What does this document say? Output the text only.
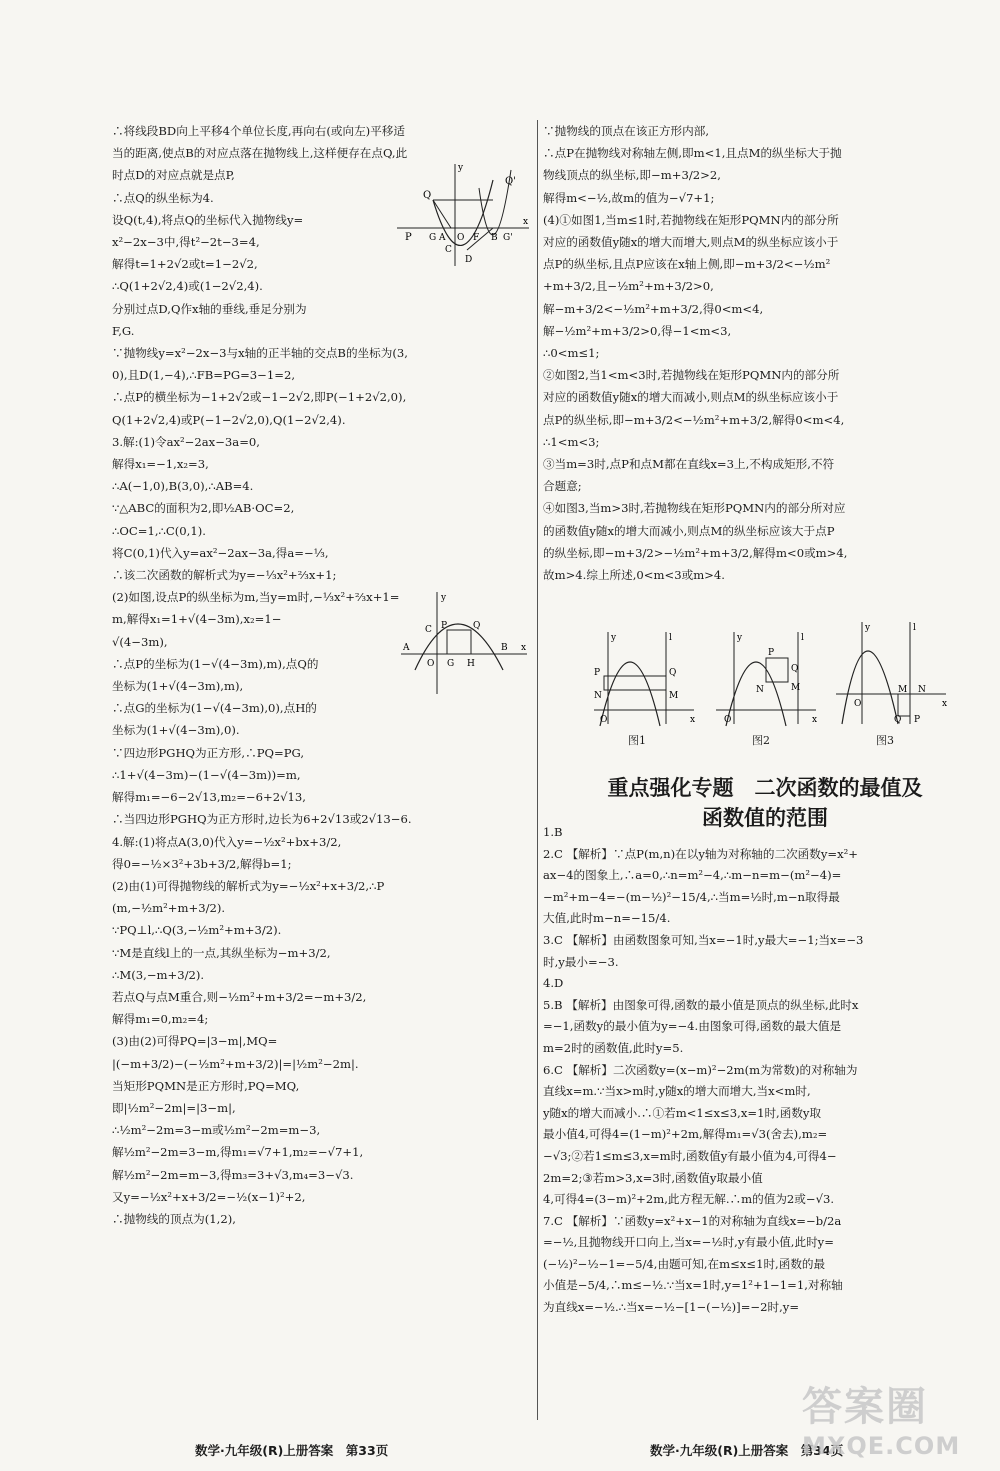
∴将线段BD向上平移4个单位长度,再向右(或向左)平移适
当的距离,使点B的对应点落在抛物线上,这样便存在点Q,此
时点D的对应点就是点P,
∴点Q的纵坐标为4.
设Q(t,4),将点Q的坐标代入抛物线y=
x²−2x−3中,得t²−2t−3=4,
解得t=1+2√2或t=1−2√2,
∴Q(1+2√2,4)或(1−2√2,4).
分别过点D,Q作x轴的垂线,垂足分别为
F,G.
∵抛物线y=x²−2x−3与x轴的正半轴的交点B的坐标为(3,
0),且D(1,−4),∴FB=PG=3−1=2,
∴点P的横坐标为−1+2√2或−1−2√2,即P(−1+2√2,0),
Q(1+2√2,4)或P(−1−2√2,0),Q(1−2√2,4).
3.解:(1)令ax²−2ax−3a=0,
解得x₁=−1,x₂=3,
∴A(−1,0),B(3,0),∴AB=4.
∵△ABC的面积为2,即½AB·OC=2,
∴OC=1,∴C(0,1).
将C(0,1)代入y=ax²−2ax−3a,得a=−⅓,
∴该二次函数的解析式为y=−⅓x²+⅔x+1;
(2)如图,设点P的纵坐标为m,当y=m时,−⅓x²+⅔x+1=
m,解得x₁=1+√(4−3m),x₂=1−
√(4−3m),
∴点P的坐标为(1−√(4−3m),m),点Q的
坐标为(1+√(4−3m),m),
∴点G的坐标为(1−√(4−3m),0),点H的
坐标为(1+√(4−3m),0).
∵四边形PGHQ为正方形,∴PQ=PG,
∴1+√(4−3m)−(1−√(4−3m))=m,
解得m₁=−6−2√13,m₂=−6+2√13,
∴当四边形PGHQ为正方形时,边长为6+2√13或2√13−6.
4.解:(1)将点A(3,0)代入y=−½x²+bx+3/2,
得0=−½×3²+3b+3/2,解得b=1;
(2)由(1)可得抛物线的解析式为y=−½x²+x+3/2,∴P
(m,−½m²+m+3/2).
∵PQ⊥l,∴Q(3,−½m²+m+3/2).
∵M是直线l上的一点,其纵坐标为−m+3/2,
∴M(3,−m+3/2).
若点Q与点M重合,则−½m²+m+3/2=−m+3/2,
解得m₁=0,m₂=4;
(3)由(2)可得PQ=|3−m|,MQ=
|(−m+3/2)−(−½m²+m+3/2)|=|½m²−2m|.
当矩形PQMN是正方形时,PQ=MQ,
即|½m²−2m|=|3−m|,
∴½m²−2m=3−m或½m²−2m=m−3,
解½m²−2m=3−m,得m₁=√7+1,m₂=−√7+1,
解½m²−2m=m−3,得m₃=3+√3,m₄=3−√3.
又y=−½x²+x+3/2=−½(x−1)²+2,
∴抛物线的顶点为(1,2),
∵抛物线的顶点在该正方形内部,
∴点P在抛物线对称轴左侧,即m<1,且点M的纵坐标大于抛
物线顶点的纵坐标,即−m+3/2>2,
解得m<−½,故m的值为−√7+1;
(4)①如图1,当m≤1时,若抛物线在矩形PQMN内的部分所
对应的函数值y随x的增大而增大,则点M的纵坐标应该小于
点P的纵坐标,且点P应该在x轴上侧,即−m+3/2<−½m²
+m+3/2,且−½m²+m+3/2>0,
解−m+3/2<−½m²+m+3/2,得0<m<4,
解−½m²+m+3/2>0,得−1<m<3,
∴0<m≤1;
②如图2,当1<m<3时,若抛物线在矩形PQMN内的部分所
对应的函数值y随x的增大而减小,则点M的纵坐标应该小于
点P的纵坐标,即−m+3/2<−½m²+m+3/2,解得0<m<4,
∴1<m<3;
③当m=3时,点P和点M都在直线x=3上,不构成矩形,不符
合题意;
④如图3,当m>3时,若抛物线在矩形PQMN内的部分所对应
的函数值y随x的增大而减小,则点M的纵坐标应该大于点P
的纵坐标,即−m+3/2>−½m²+m+3/2,解得m<0或m>4,
故m>4.综上所述,0<m<3或m>4.
Q
Q'
P G A O F B G'
C
D
x
y
y
C P	Q
A
O G H
B x
y	l
P	Q
N	M
O	x
y	l
P
Q
N	M
O	x
y	l
P
Q
N
M
O	x
图1	图2	图3
重点强化专题　二次函数的最值及
函数值的范围
1.B
2.C 【解析】∵点P(m,n)在以y轴为对称轴的二次函数y=x²+
ax−4的图象上,∴a=0,∴n=m²−4,∴m−n=m−(m²−4)=
−m²+m−4=−(m−½)²−15/4,∴当m=½时,m−n取得最
大值,此时m−n=−15/4.
3.C 【解析】由函数图象可知,当x=−1时,y最大=−1;当x=−3
时,y最小=−3.
4.D
5.B 【解析】由图象可得,函数的最小值是顶点的纵坐标,此时x
=−1,函数y的最小值为y=−4.由图象可得,函数的最大值是
m=2时的函数值,此时y=5.
6.C 【解析】二次函数y=(x−m)²−2m(m为常数)的对称轴为
直线x=m.∵当x>m时,y随x的增大而增大,当x<m时,
y随x的增大而减小.∴①若m<1≤x≤3,x=1时,函数y取
最小值4,可得4=(1−m)²+2m,解得m₁=√3(舍去),m₂=
−√3;②若1≤m≤3,x=m时,函数值y有最小值为4,可得4−
2m=2;③若m>3,x=3时,函数值y取最小值
4,可得4=(3−m)²+2m,此方程无解.∴m的值为2或−√3.
7.C 【解析】∵函数y=x²+x−1的对称轴为直线x=−b/2a
=−½,且抛物线开口向上,当x=−½时,y有最小值,此时y=
(−½)²−½−1=−5/4,由题可知,在m≤x≤1时,函数的最
小值是−5/4,∴m≤−½.∵当x=1时,y=1²+1−1=1,对称轴
为直线x=−½.∴当x=−½−[1−(−½)]=−2时,y=
数学·九年级(R)上册答案　第33页	数学·九年级(R)上册答案　第34页
答案圈
MXQE.COM
